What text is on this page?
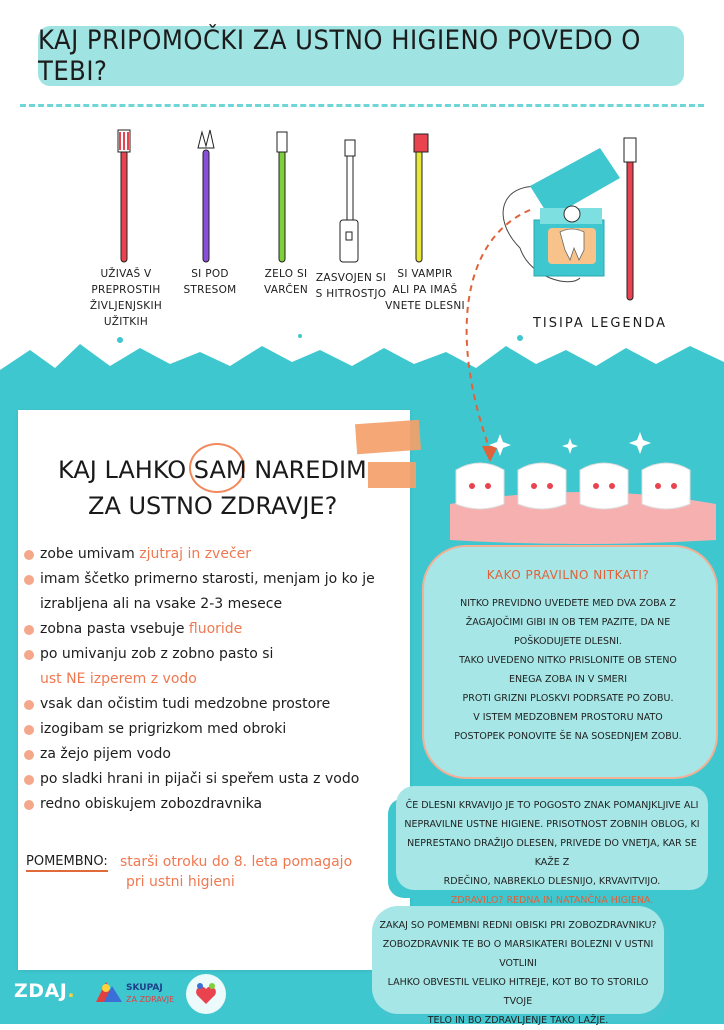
KAJ PRIPOMOČKI ZA USTNO HIGIENO POVEDO O TEBI?
UŽIVAŠ V PREPROSTIH
ŽIVLJENJSKIH
UŽITKIH
SI POD
STRESOM
ZELO SI
VARČEN
ZASVOJEN SI
S HITROSTJO
SI VAMPIR
ALI PA IMAŠ
VNETE DLESNI
TISIPA LEGENDA
KAJ LAHKO SAM NAREDIM
ZA USTNO ZDRAVJE?
zobe umivam zjutraj in zvečer
imam ščetko primerno starosti, menjam jo ko je izrabljena ali na vsake 2-3 mesece
zobna pasta vsebuje fluoride
po umivanju zob z zobno pasto si
ust NE izperem z vodo
vsak dan očistim tudi medzobne prostore
izogibam se prigrizkom med obroki
za žejo pijem vodo
po sladki hrani in pijači si speřem usta z vodo
redno obiskujem zobozdravnika
POMEMBNO: starši otroku do 8. leta pomagajo
pri ustni higieni
KAKO PRAVILNO NITKATI?
NITKO PREVIDNO UVEDETE MED DVA ZOBA Z
ŽAGAJOČIMI GIBI IN OB TEM PAZITE, DA NE
POŠKODUJETE DLESNI.
TAKO UVEDENO NITKO PRISLONITE OB STENO
ENEGA ZOBA IN V SMERI
PROTI GRIZNI PLOSKVI PODRSATE PO ZOBU.
V ISTEM MEDZOBNEM PROSTORU NATO
POSTOPEK PONOVITE ŠE NA SOSEDNJEM ZOBU.
ČE DLESNI KRVAVIJO JE TO POGOSTO ZNAK POMANJKLJIVE ALI
NEPRAVILNE USTNE HIGIENE. PRISOTNOST ZOBNIH OBLOG, KI
NEPRESTANO DRAŽIJO DLESEN, PRIVEDE DO VNETJA, KAR SE KAŽE Z
RDEČINO, NABREKLO DLESNIJO, KRVAVITVIJO.
ZDRAVILO? REDNA IN NATANČNA HIGIENA.
ZAKAJ SO POMEMBNI REDNI OBISKI PRI ZOBOZDRAVNIKU?
ZOBOZDRAVNIK TE BO O MARSIKATERI BOLEZNI V USTNI VOTLINI
LAHKO OBVESTIL VELIKO HITREJE, KOT BO TO STORILO TVOJE
TELO IN BO ZDRAVLJENJE TAKO LAŽJE.
ZDAJ.	SKUPAJ
ZA ZDRAVJE
